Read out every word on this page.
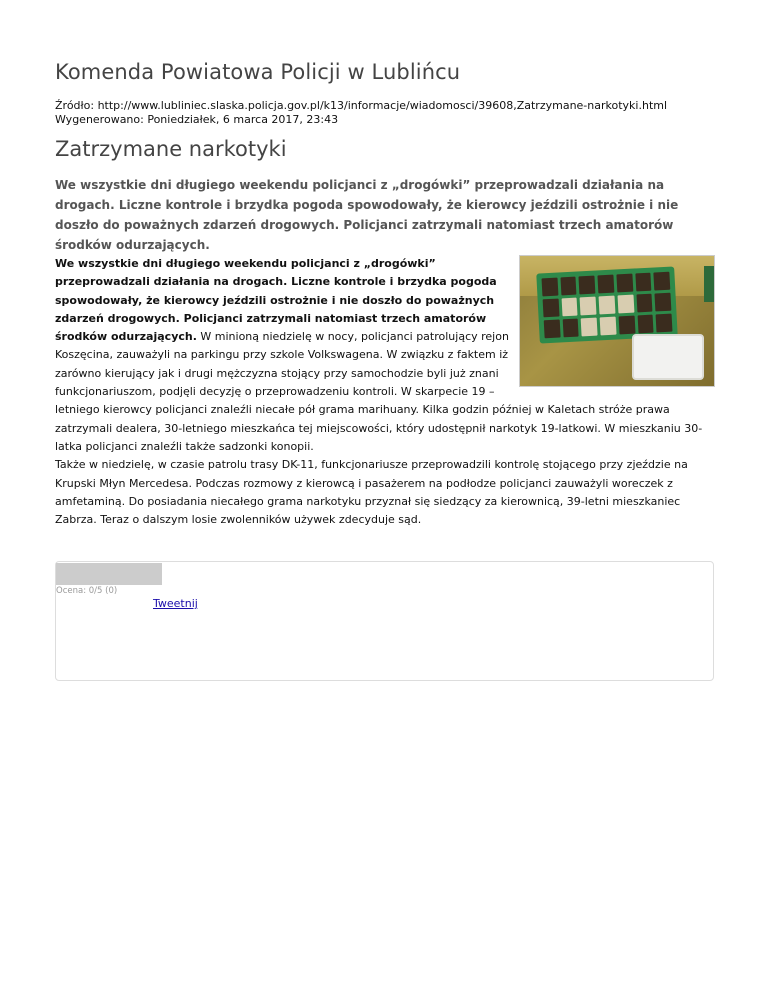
Komenda Powiatowa Policji w Lublińcu
Źródło: http://www.lubliniec.slaska.policja.gov.pl/k13/informacje/wiadomosci/39608,Zatrzymane-narkotyki.html
Wygenerowano: Poniedziałek, 6 marca 2017, 23:43
Zatrzymane narkotyki
We wszystkie dni długiego weekendu policjanci z „drogówki” przeprowadzali działania na drogach. Liczne kontrole i brzydka pogoda spowodowały, że kierowcy jeździli ostrożnie i nie doszło do poważnych zdarzeń drogowych. Policjanci zatrzymali natomiast trzech amatorów środków odurzających.
We wszystkie dni długiego weekendu policjanci z „drogówki” przeprowadzali działania na drogach. Liczne kontrole i brzydka pogoda spowodowały, że kierowcy jeździli ostrożnie i nie doszło do poważnych zdarzeń drogowych. Policjanci zatrzymali natomiast trzech amatorów środków odurzających. W minioną niedzielę w nocy, policjanci patrolujący rejon Koszęcina, zauważyli na parkingu przy szkole Volkswagena. W związku z faktem iż zarówno kierujący jak i drugi mężczyzna stojący przy samochodzie byli już znani funkcjonariuszom, podjęli decyzję o przeprowadzeniu kontroli. W skarpecie 19 – letniego kierowcy policjanci znaleźli niecałe pół grama marihuany. Kilka godzin później w Kaletach stróże prawa zatrzymali dealera, 30-letniego mieszkańca tej miejscowości, który udostępnił narkotyk 19-latkowi. W mieszkaniu 30-latka policjanci znaleźli także sadzonki konopii.
Także w niedzielę, w czasie patrolu trasy DK-11, funkcjonariusze przeprowadzili kontrolę stojącego przy zjeździe na Krupski Młyn Mercedesa. Podczas rozmowy z kierowcą i pasażerem na podłodze policjanci zauważyli woreczek z amfetaminą. Do posiadania niecałego grama narkotyku przyznał się siedzący za kierownicą, 39-letni mieszkaniec Zabrza. Teraz o dalszym losie zwolenników używek zdecyduje sąd.
Ocena: 0/5 (0)
Tweetnij
